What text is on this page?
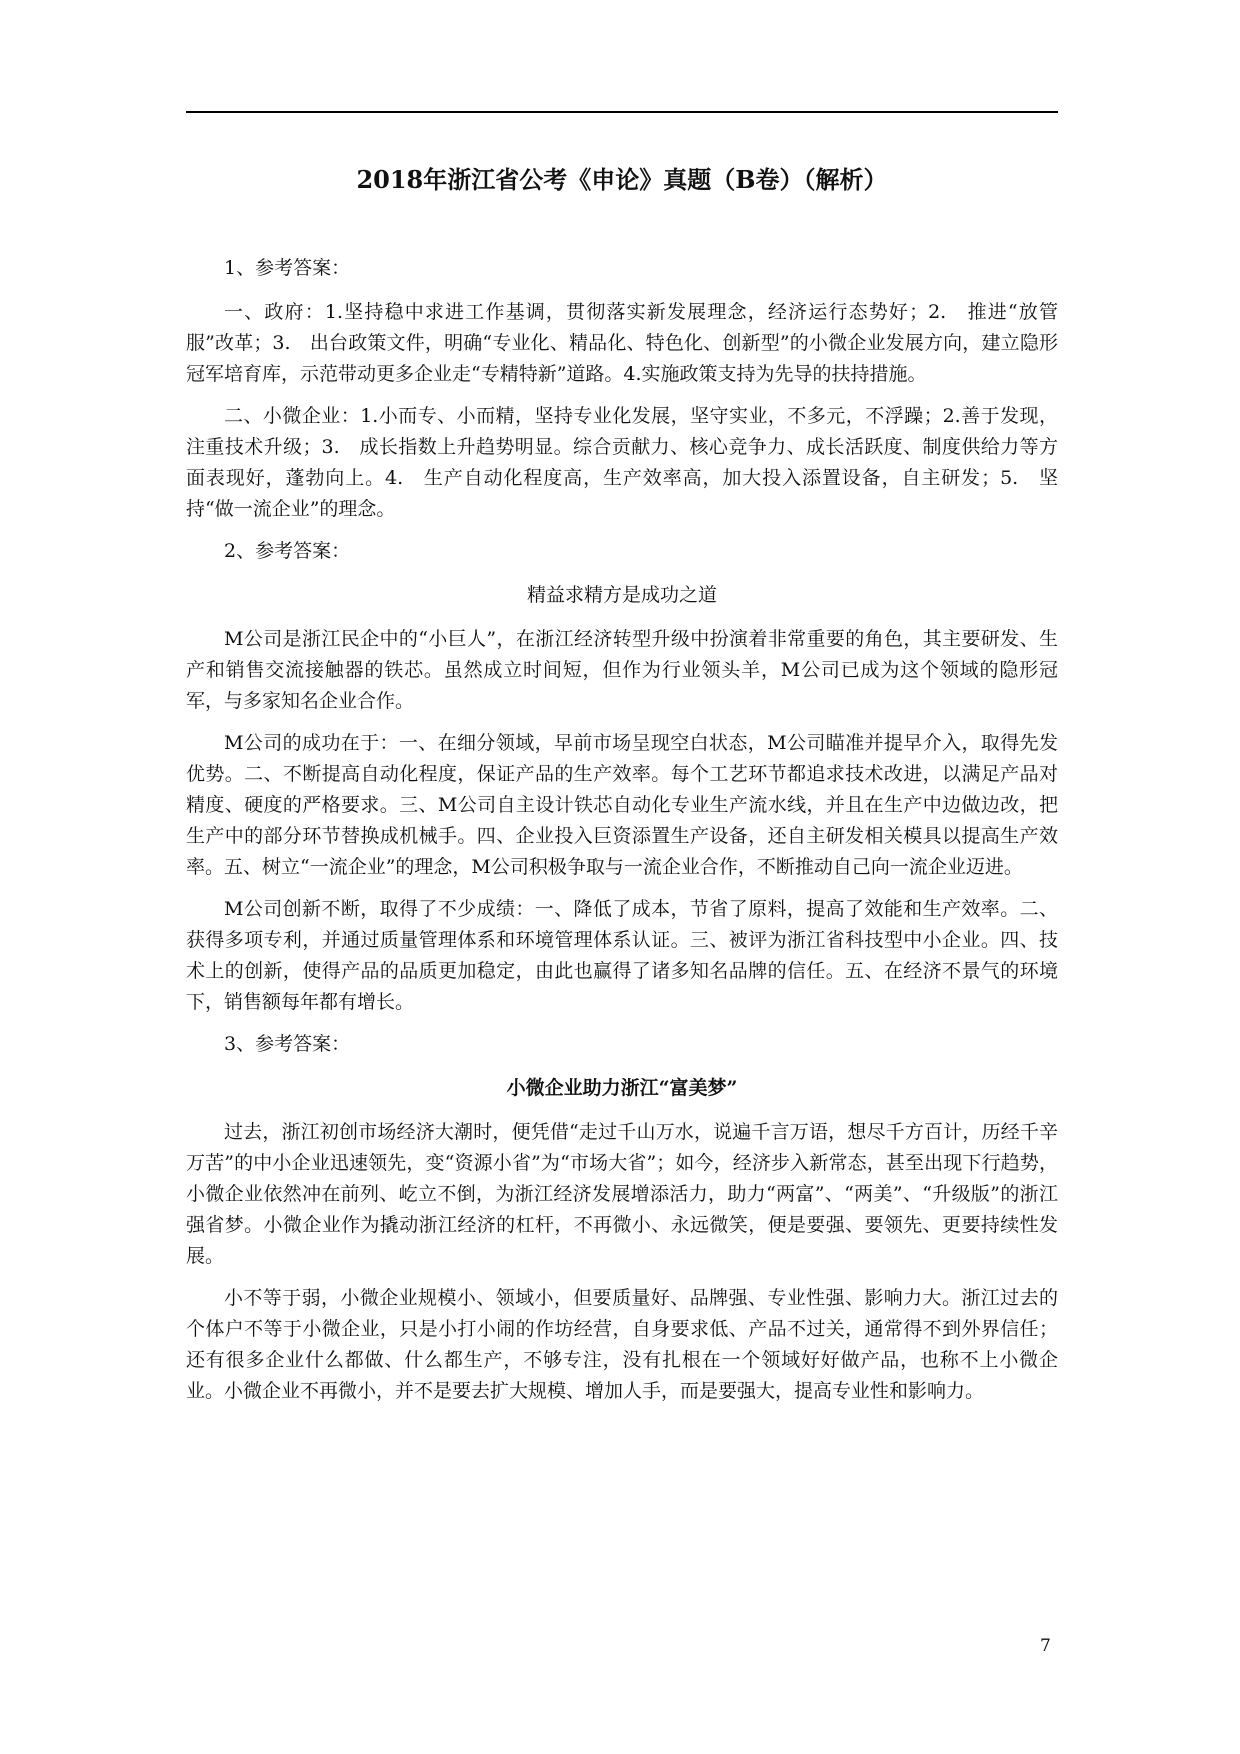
2018年浙江省公考《申论》真题（B卷）（解析）

1、参考答案：

一、政府：1.坚持稳中求进工作基调，贯彻落实新发展理念，经济运行态势好；2.　推进“放管服”改革；3.　出台政策文件，明确“专业化、精品化、特色化、创新型”的小微企业发展方向，建立隐形冠军培育库，示范带动更多企业走“专精特新”道路。4.实施政策支持为先导的扶持措施。

二、小微企业：1.小而专、小而精，坚持专业化发展，坚守实业，不多元，不浮躁；2.善于发现，注重技术升级；3.　成长指数上升趋势明显。综合贡献力、核心竞争力、成长活跃度、制度供给力等方面表现好，蓬勃向上。4.　生产自动化程度高，生产效率高，加大投入添置设备，自主研发；5.　坚持“做一流企业”的理念。

2、参考答案：

精益求精方是成功之道

M公司是浙江民企中的“小巨人”，在浙江经济转型升级中扮演着非常重要的角色，其主要研发、生产和销售交流接触器的铁芯。虽然成立时间短，但作为行业领头羊，M公司已成为这个领域的隐形冠军，与多家知名企业合作。

M公司的成功在于：一、在细分领域，早前市场呈现空白状态，M公司瞄准并提早介入，取得先发优势。二、不断提高自动化程度，保证产品的生产效率。每个工艺环节都追求技术改进，以满足产品对精度、硬度的严格要求。三、M公司自主设计铁芯自动化专业生产流水线，并且在生产中边做边改，把生产中的部分环节替换成机械手。四、企业投入巨资添置生产设备，还自主研发相关模具以提高生产效率。五、树立“一流企业”的理念，M公司积极争取与一流企业合作，不断推动自己向一流企业迈进。

M公司创新不断，取得了不少成绩：一、降低了成本，节省了原料，提高了效能和生产效率。二、获得多项专利，并通过质量管理体系和环境管理体系认证。三、被评为浙江省科技型中小企业。四、技术上的创新，使得产品的品质更加稳定，由此也赢得了诸多知名品牌的信任。五、在经济不景气的环境下，销售额每年都有增长。

3、参考答案：

小微企业助力浙江“富美梦”

过去，浙江初创市场经济大潮时，便凭借“走过千山万水，说遍千言万语，想尽千方百计，历经千辛万苦”的中小企业迅速领先，变“资源小省”为“市场大省”；如今，经济步入新常态，甚至出现下行趋势，小微企业依然冲在前列、屹立不倒，为浙江经济发展增添活力，助力“两富”、“两美”、“升级版”的浙江强省梦。小微企业作为撬动浙江经济的杠杆，不再微小、永远微笑，便是要强、要领先、更要持续性发展。

小不等于弱，小微企业规模小、领域小，但要质量好、品牌强、专业性强、影响力大。浙江过去的个体户不等于小微企业，只是小打小闹的作坊经营，自身要求低、产品不过关，通常得不到外界信任；还有很多企业什么都做、什么都生产，不够专注，没有扎根在一个领域好好做产品，也称不上小微企业。小微企业不再微小，并不是要去扩大规模、增加人手，而是要强大，提高专业性和影响力。

7
